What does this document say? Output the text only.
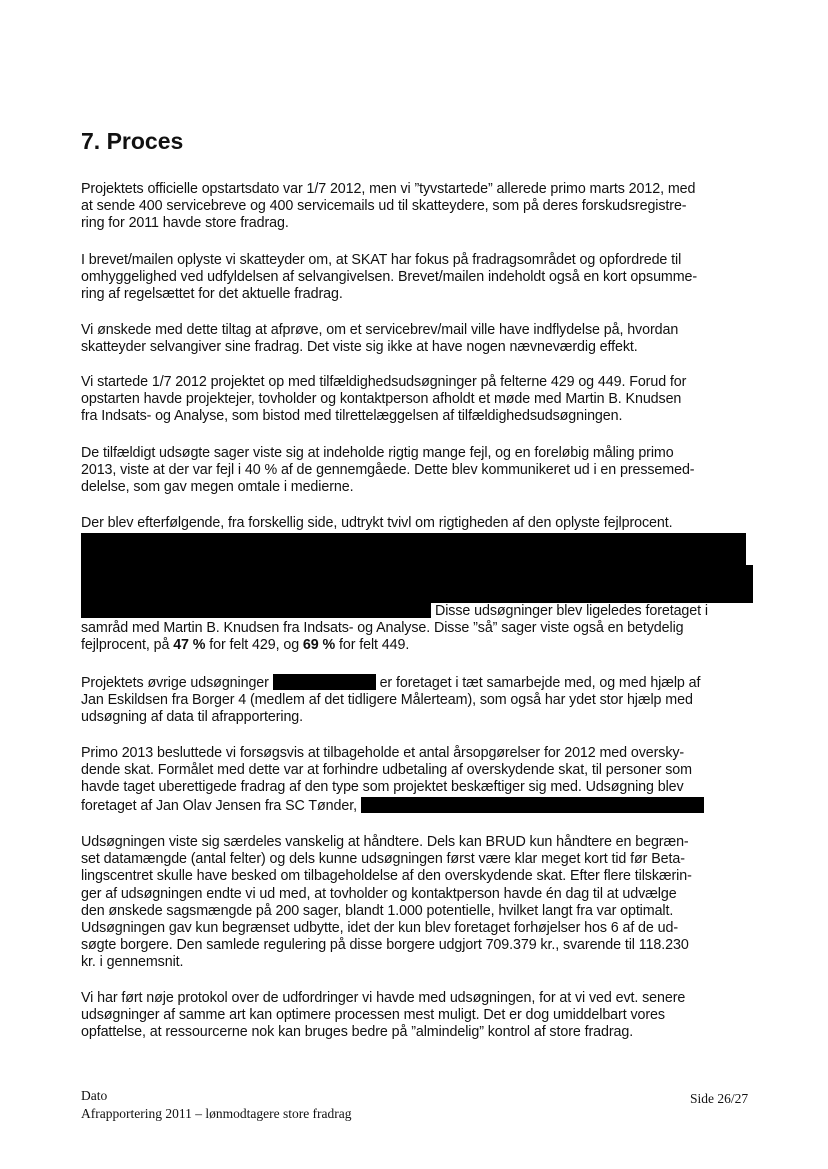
7. Proces
Projektets officielle opstartsdato var 1/7 2012, men vi ”tyvstartede” allerede primo marts 2012, med
at sende 400 servicebreve og 400 servicemails ud til skatteydere, som på deres forskudsregistre-
ring for 2011 havde store fradrag.
I brevet/mailen oplyste vi skatteyder om, at SKAT har fokus på fradragsområdet og opfordrede til
omhyggelighed ved udfyldelsen af selvangivelsen. Brevet/mailen indeholdt også en kort opsumme-
ring af regelsættet for det aktuelle fradrag.
Vi ønskede med dette tiltag at afprøve, om et servicebrev/mail ville have indflydelse på, hvordan
skatteyder selvangiver sine fradrag. Det viste sig ikke at have nogen nævneværdig effekt.
Vi startede 1/7 2012 projektet op med tilfældighedsudsøgninger på felterne 429 og 449. Forud for
opstarten havde projektejer, tovholder og kontaktperson afholdt et møde med Martin B. Knudsen
fra Indsats- og Analyse, som bistod med tilrettelæggelsen af tilfældighedsudsøgningen.
De tilfældigt udsøgte sager viste sig at indeholde rigtig mange fejl, og en foreløbig måling primo
2013, viste at der var fejl i 40 % af de gennemgåede. Dette blev kommunikeret ud i en pressemed-
delelse, som gav megen omtale i medierne.
Der blev efterfølgende, fra forskellig side, udtrykt tvivl om rigtigheden af den oplyste fejlprocent.
Disse udsøgninger blev ligeledes foretaget i
samråd med Martin B. Knudsen fra Indsats- og Analyse. Disse ”så” sager viste også en betydelig
fejlprocent, på 47 % for felt 429, og 69 % for felt 449.
Projektets øvrige udsøgninger	er foretaget i tæt samarbejde med, og med hjælp af
Jan Eskildsen fra Borger 4 (medlem af det tidligere Målerteam), som også har ydet stor hjælp med
udsøgning af data til afrapportering.
Primo 2013 besluttede vi forsøgsvis at tilbageholde et antal årsopgørelser for 2012 med oversky-
dende skat. Formålet med dette var at forhindre udbetaling af overskydende skat, til personer som
havde taget uberettigede fradrag af den type som projektet beskæftiger sig med. Udsøgning blev
foretaget af Jan Olav Jensen fra SC Tønder,
Udsøgningen viste sig særdeles vanskelig at håndtere. Dels kan BRUD kun håndtere en begræn-
set datamængde (antal felter) og dels kunne udsøgningen først være klar meget kort tid før Beta-
lingscentret skulle have besked om tilbageholdelse af den overskydende skat. Efter flere tilskærin-
ger af udsøgningen endte vi ud med, at tovholder og kontaktperson havde én dag til at udvælge
den ønskede sagsmængde på 200 sager, blandt 1.000 potentielle, hvilket langt fra var optimalt.
Udsøgningen gav kun begrænset udbytte, idet der kun blev foretaget forhøjelser hos 6 af de ud-
søgte borgere. Den samlede regulering på disse borgere udgjort 709.379 kr., svarende til 118.230
kr. i gennemsnit.
Vi har ført nøje protokol over de udfordringer vi havde med udsøgningen, for at vi ved evt. senere
udsøgninger af samme art kan optimere processen mest muligt. Det er dog umiddelbart vores
opfattelse, at ressourcerne nok kan bruges bedre på ”almindelig” kontrol af store fradrag.
Dato
Afrapportering 2011 – lønmodtagere store fradrag
Side 26/27
